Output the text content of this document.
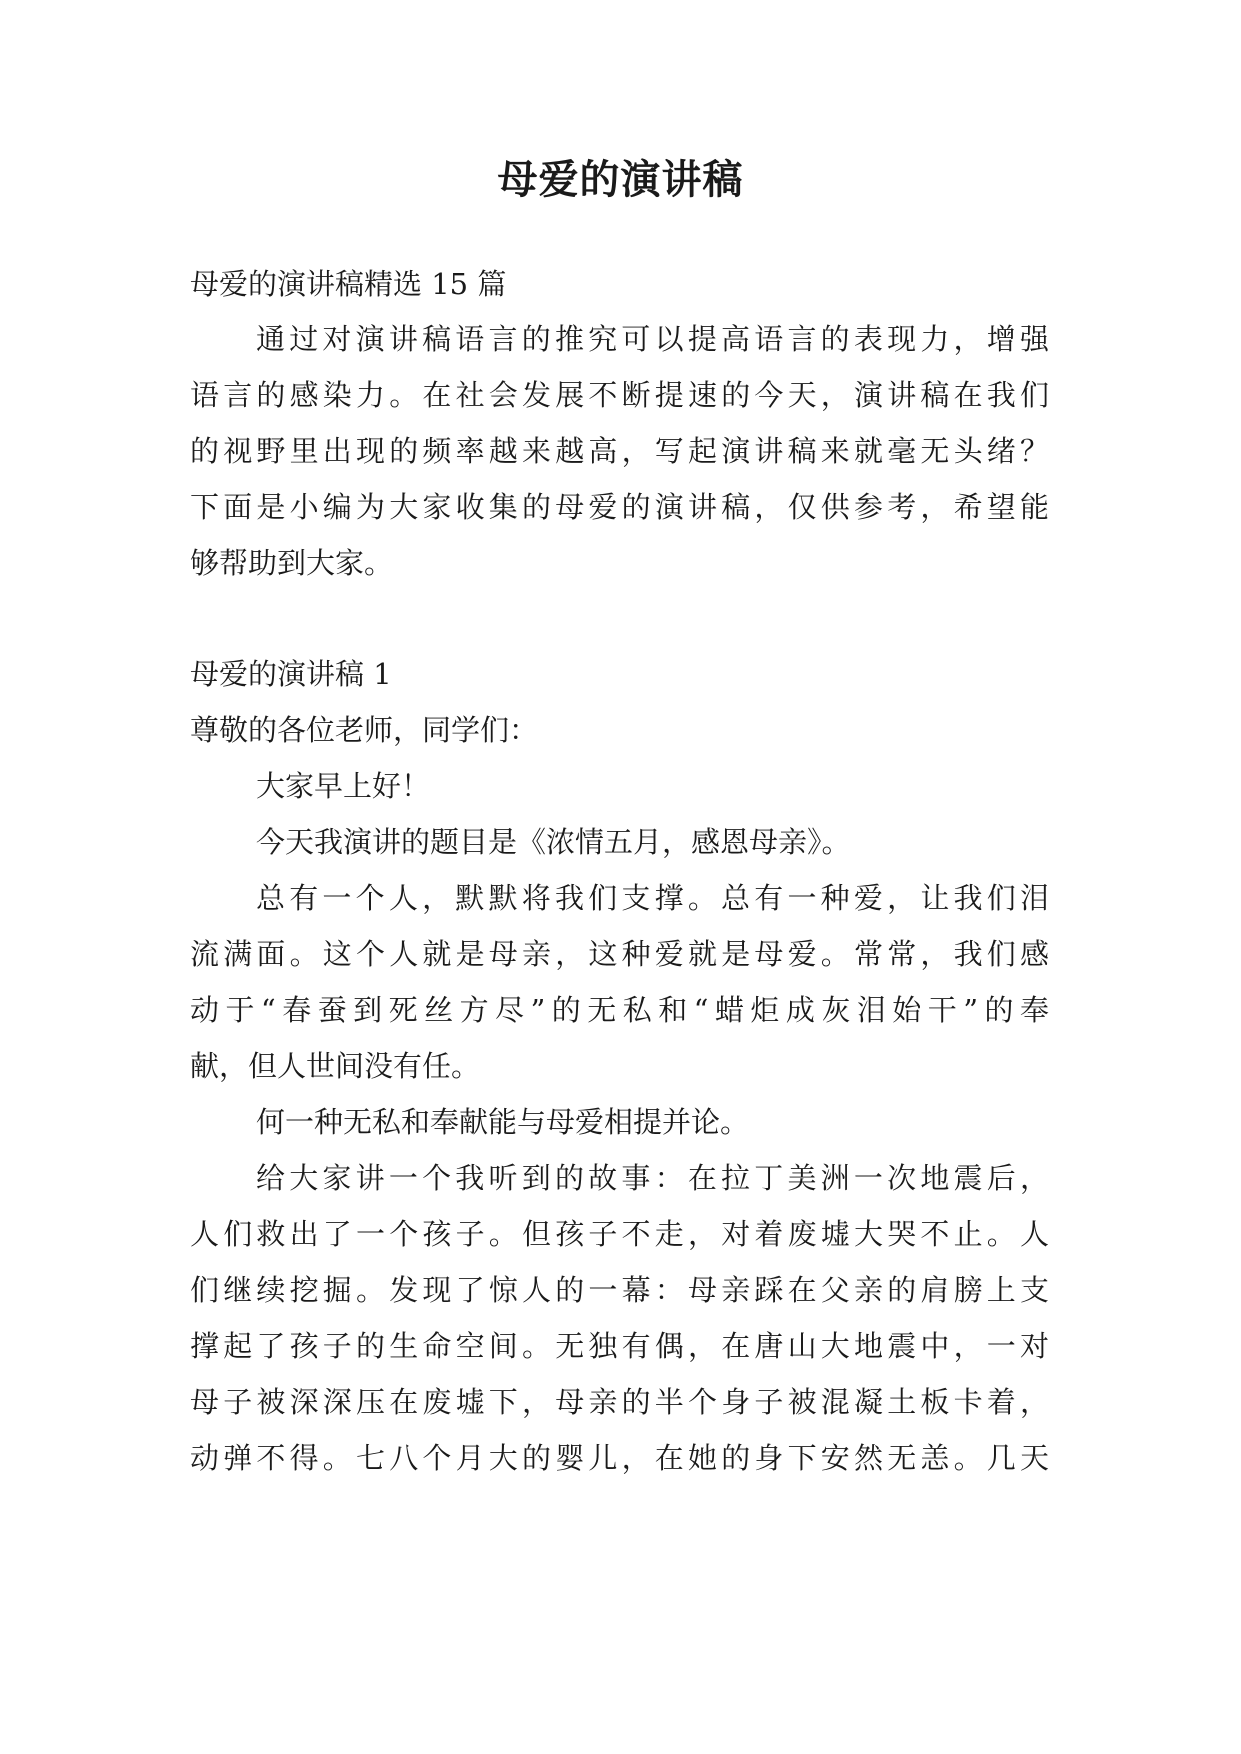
母爱的演讲稿

母爱的演讲稿精选 15 篇

通过对演讲稿语言的推究可以提高语言的表现力，增强

语言的感染力。在社会发展不断提速的今天，演讲稿在我们

的视野里出现的频率越来越高，写起演讲稿来就毫无头绪？

下面是小编为大家收集的母爱的演讲稿，仅供参考，希望能

够帮助到大家。

母爱的演讲稿 1

尊敬的各位老师，同学们：

大家早上好！

今天我演讲的题目是《浓情五月，感恩母亲》。

总有一个人，默默将我们支撑。总有一种爱，让我们泪

流满面。这个人就是母亲，这种爱就是母爱。常常，我们感

动于“春蚕到死丝方尽”的无私和“蜡炬成灰泪始干”的奉

献，但人世间没有任。

何一种无私和奉献能与母爱相提并论。

给大家讲一个我听到的故事：在拉丁美洲一次地震后，

人们救出了一个孩子。但孩子不走，对着废墟大哭不止。人

们继续挖掘。发现了惊人的一幕：母亲踩在父亲的肩膀上支

撑起了孩子的生命空间。无独有偶，在唐山大地震中，一对

母子被深深压在废墟下，母亲的半个身子被混凝土板卡着，

动弹不得。七八个月大的婴儿，在她的身下安然无恙。几天
